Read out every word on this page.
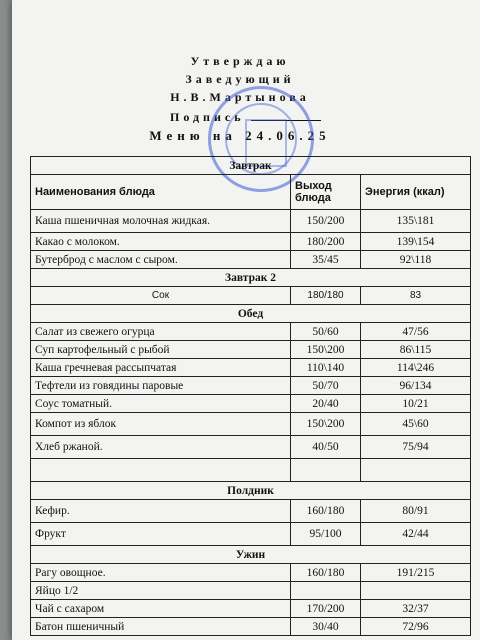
Утверждаю
Заведующий
Н.В.Мартынова
Подпись
Меню на 24.06.25
Завтрак		
Наименования блюда	Выход блюда	Энергия (ккал)
Каша пшеничная молочная жидкая.	150/200	135\181
Какао с молоком.	180/200	139\154
Бутерброд с маслом с сыром.	35/45	92\118
Завтрак 2		
Сок	180/180	83
Обед		
Салат из свежего огурца	50/60	47/56
Суп картофельный с рыбой	150\200	86\115
Каша гречневая рассыпчатая	110\140	114\246
Тефтели из говядины паровые	50/70	96/134
Соус томатный.	20/40	10/21
Компот из яблок	150\200	45\60
Хлеб ржаной.	40/50	75/94

Полдник		
Кефир.	160/180	80/91
Фрукт	95/100	42/44
Ужин		
Рагу овощное.	160/180	191/215
Яйцо 1/2		
Чай с сахаром	170/200	32/37
Батон пшеничный	30/40	72/96
